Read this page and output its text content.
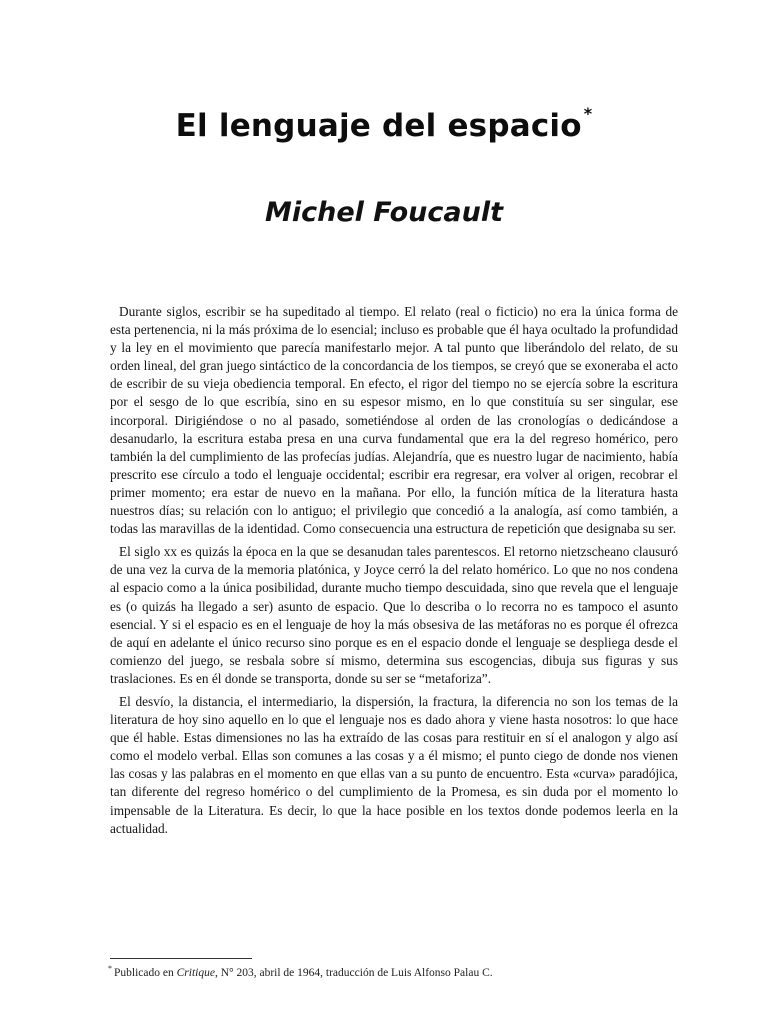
El lenguaje del espacio *
Michel Foucault

Durante siglos, escribir se ha supeditado al tiempo. El relato (real o ficticio) no era la única forma de esta pertenencia, ni la más próxima de lo esencial; incluso es probable que él haya ocultado la profundidad y la ley en el movimiento que parecía manifestarlo mejor. A tal punto que liberándolo del relato, de su orden lineal, del gran juego sintáctico de la concordancia de los tiempos, se creyó que se exoneraba el acto de escribir de su vieja obediencia temporal. En efecto, el rigor del tiempo no se ejercía sobre la escritura por el sesgo de lo que escribía, sino en su espesor mismo, en lo que constituía su ser singular, ese incorporal. Dirigiéndose o no al pasado, sometiéndose al orden de las cronologías o dedicándose a desanudarlo, la escritura estaba presa en una curva fundamental que era la del regreso homérico, pero también la del cumplimiento de las profecías judías. Alejandría, que es nuestro lugar de nacimiento, había prescrito ese círculo a todo el lenguaje occidental; escribir era regresar, era volver al origen, recobrar el primer momento; era estar de nuevo en la mañana. Por ello, la función mítica de la literatura hasta nuestros días; su relación con lo antiguo; el privilegio que concedió a la analogía, así como también, a todas las maravillas de la identidad. Como consecuencia una estructura de repetición que designaba su ser.

El siglo xx es quizás la época en la que se desanudan tales parentescos. El retorno nietzscheano clausuró de una vez la curva de la memoria platónica, y Joyce cerró la del relato homérico. Lo que no nos condena al espacio como a la única posibilidad, durante mucho tiempo descuidada, sino que revela que el lenguaje es (o quizás ha llegado a ser) asunto de espacio. Que lo describa o lo recorra no es tampoco el asunto esencial. Y si el espacio es en el lenguaje de hoy la más obsesiva de las metáforas no es porque él ofrezca de aquí en adelante el único recurso sino porque es en el espacio donde el lenguaje se despliega desde el comienzo del juego, se resbala sobre sí mismo, determina sus escogencias, dibuja sus figuras y sus traslaciones. Es en él donde se transporta, donde su ser se “metaforiza”.

El desvío, la distancia, el intermediario, la dispersión, la fractura, la diferencia no son los temas de la literatura de hoy sino aquello en lo que el lenguaje nos es dado ahora y viene hasta nosotros: lo que hace que él hable. Estas dimensiones no las ha extraído de las cosas para restituir en sí el analogon y algo así como el modelo verbal. Ellas son comunes a las cosas y a él mismo; el punto ciego de donde nos vienen las cosas y las palabras en el momento en que ellas van a su punto de encuentro. Esta «curva» paradójica, tan diferente del regreso homérico o del cumplimiento de la Promesa, es sin duda por el momento lo impensable de la Literatura. Es decir, lo que la hace posible en los textos donde podemos leerla en la actualidad.

* Publicado en Critique, N° 203, abril de 1964, traducción de Luis Alfonso Palau C.
